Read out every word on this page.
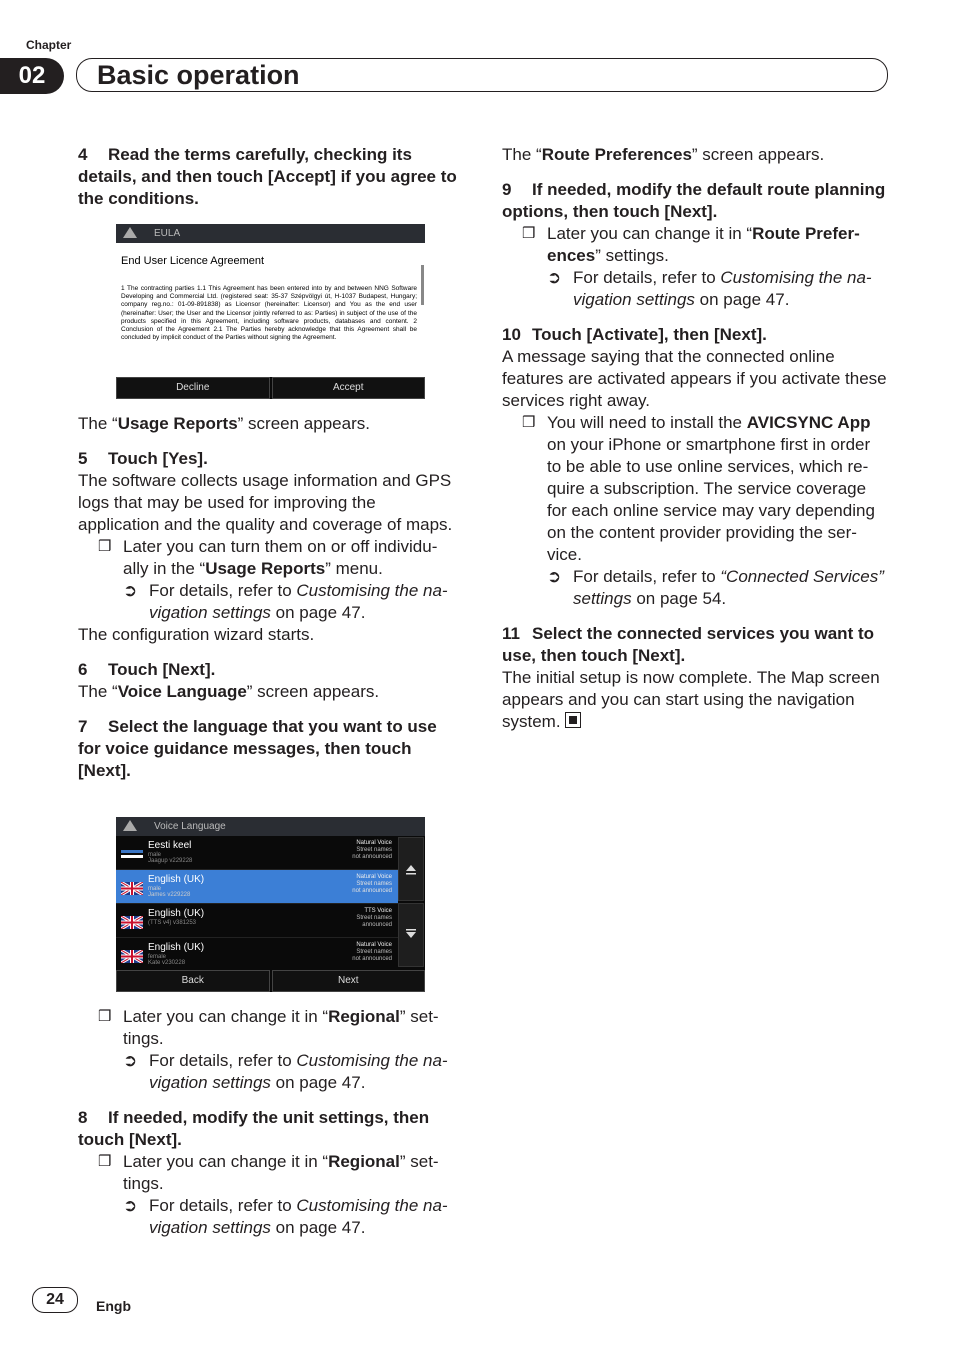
Chapter
02	Basic operation

4 Read the terms carefully, checking its details, and then touch [Accept] if you agree to the conditions.

EULA
End User Licence Agreement
1 The contracting parties 1.1 This Agreement has been entered into by and between NNG Software Developing and Commercial Ltd. (registered seat: 35-37 Szépvölgyi út, H-1037 Budapest, Hungary; company reg.no.: 01-09-891838) as Licensor (hereinafter: Licensor) and You as the end user (hereinafter: User; the User and the Licensor jointly referred to as: Parties) in subject of the use of the products specified in this Agreement, including software products, databases and content. 2 Conclusion of the Agreement 2.1 The Parties hereby acknowledge that this Agreement shall be concluded by implicit conduct of the Parties without signing the Agreement.
Decline	Accept

The “Usage Reports” screen appears.

5 Touch [Yes].

The software collects usage information and GPS logs that may be used for improving the application and the quality and coverage of maps.

❒ Later you can turn them on or off individu- ally in the “Usage Reports” menu.

➲ For details, refer to Customising the na- vigation settings on page 47.

The configuration wizard starts.

6 Touch [Next].

The “Voice Language” screen appears.

7 Select the language that you want to use for voice guidance messages, then touch [Next].

Voice Language
Eesti keel
male
Jaagup v229228
Natural Voice
Street names
not announced
English (UK)
male
James v229228
Natural Voice
Street names
not announced
English (UK)
(TTS v4) v381253
TTS Voice
Street names
announced
English (UK)
female
Kate v230228
Natural Voice
Street names
not announced
Back	Next

❒ Later you can change it in “Regional” set- tings.

➲ For details, refer to Customising the na- vigation settings on page 47.

8 If needed, modify the unit settings, then touch [Next].

❒ Later you can change it in “Regional” set- tings.

➲ For details, refer to Customising the na- vigation settings on page 47.

The “Route Preferences” screen appears.

9 If needed, modify the default route planning options, then touch [Next].

❒ Later you can change it in “Route Prefer- ences” settings.

➲ For details, refer to Customising the na- vigation settings on page 47.

10 Touch [Activate], then [Next].

A message saying that the connected online features are activated appears if you activate these services right away.

❒ You will need to install the AVICSYNC App on your iPhone or smartphone first in order to be able to use online services, which re- quire a subscription. The service coverage for each online service may vary depending on the content provider providing the ser- vice.

➲ For details, refer to “Connected Services” settings on page 54.

11 Select the connected services you want to use, then touch [Next].

The initial setup is now complete. The Map screen appears and you can start using the navigation system.

24	Engb
